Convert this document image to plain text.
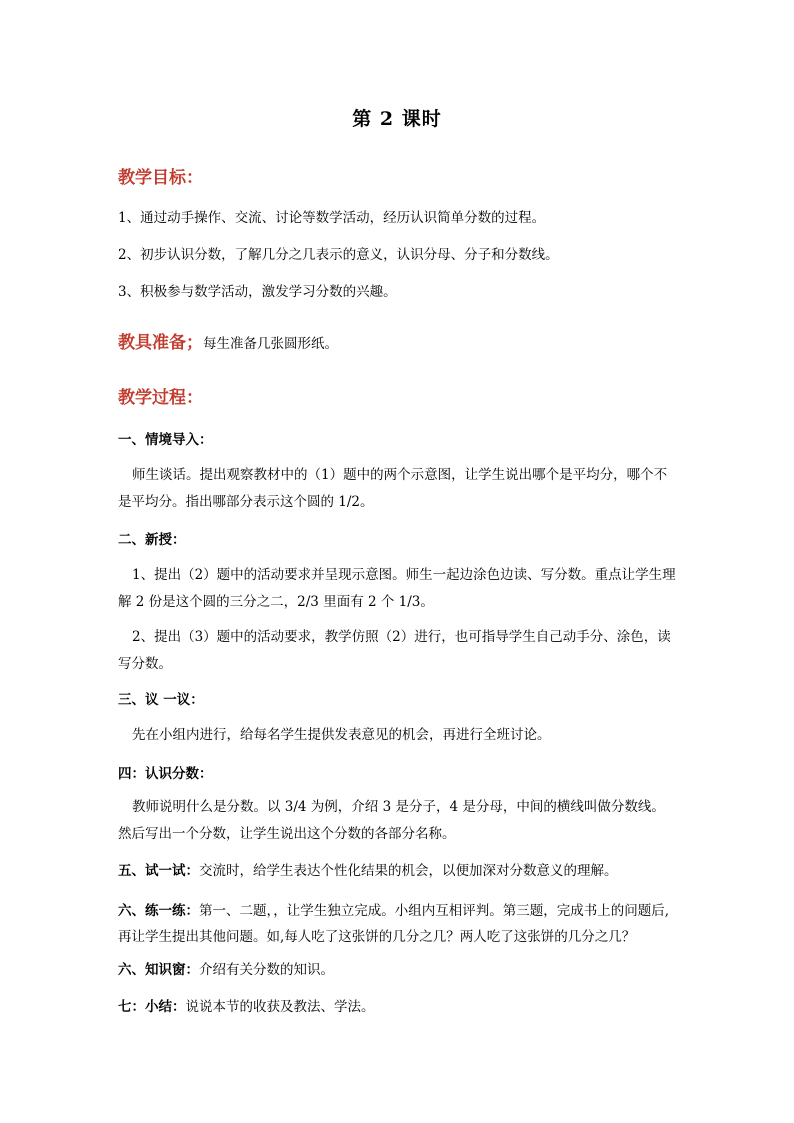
第 2 课时
教学目标：
1、通过动手操作、交流、讨论等数学活动，经历认识简单分数的过程。
2、初步认识分数，了解几分之几表示的意义，认识分母、分子和分数线。
3、积极参与数学活动，激发学习分数的兴趣。
教具准备；每生准备几张圆形纸。
教学过程：
一、情境导入：
师生谈话。提出观察教材中的（1）题中的两个示意图，让学生说出哪个是平均分，哪个不是平均分。指出哪部分表示这个圆的 1/2。
二、新授：
1、提出（2）题中的活动要求并呈现示意图。师生一起边涂色边读、写分数。重点让学生理解 2 份是这个圆的三分之二，2/3 里面有 2 个 1/3。
2、提出（3）题中的活动要求，教学仿照（2）进行，也可指导学生自己动手分、涂色，读写分数。
三、议 一议：
先在小组内进行，给每名学生提供发表意见的机会，再进行全班讨论。
四：认识分数：
教师说明什么是分数。以 3/4 为例，介绍 3 是分子，4 是分母，中间的横线叫做分数线。然后写出一个分数，让学生说出这个分数的各部分名称。
五、试一试：交流时，给学生表达个性化结果的机会，以便加深对分数意义的理解。
六、练一练：第一、二题，，让学生独立完成。小组内互相评判。第三题，完成书上的问题后,再让学生提出其他问题。如,每人吃了这张饼的几分之几？两人吃了这张饼的几分之几？
六、知识窗：介绍有关分数的知识。
七：小结：说说本节的收获及教法、学法。
